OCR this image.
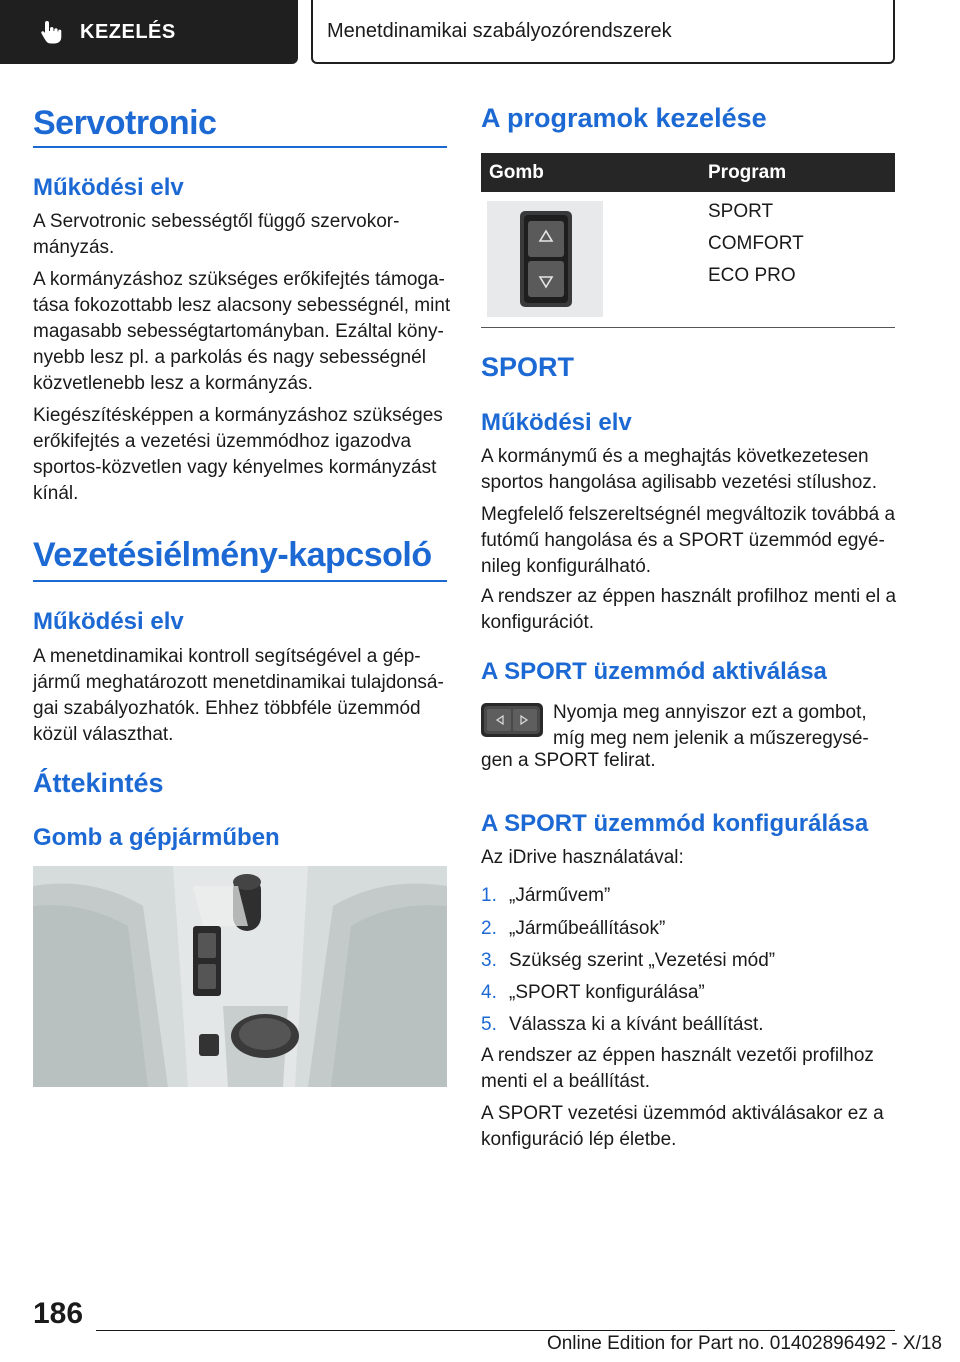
KEZELÉS	Menetdinamikai szabályozórendszerek
Servotronic
Működési elv
A Servotronic sebességtől függő szervokor-
mányzás.
A kormányzáshoz szükséges erőkifejtés támoga-
tása fokozottabb lesz alacsony sebességnél, mint
magasabb sebességtartományban. Ezáltal köny-
nyebb lesz pl. a parkolás és nagy sebességnél
közvetlenebb lesz a kormányzás.
Kiegészítésképpen a kormányzáshoz szükséges
erőkifejtés a vezetési üzemmódhoz igazodva
sportos-közvetlen vagy kényelmes kormányzást
kínál.
Vezetésiélmény-kapcsoló
Működési elv
A menetdinamikai kontroll segítségével a gép-
jármű meghatározott menetdinamikai tulajdonsá-
gai szabályozhatók. Ehhez többféle üzemmód
közül választhat.
Áttekintés
Gomb a gépjárműben
A programok kezelése
Gomb	Program
SPORT
COMFORT
ECO PRO
SPORT
Működési elv
A kormánymű és a meghajtás következetesen
sportos hangolása agilisabb vezetési stílushoz.
Megfelelő felszereltségnél megváltozik továbbá a
futómű hangolása és a SPORT üzemmód egyé-
nileg konfigurálható.
A rendszer az éppen használt profilhoz menti el a
konfigurációt.
A SPORT üzemmód aktiválása
Nyomja meg annyiszor ezt a gombot,
míg meg nem jelenik a műszeregysé-
gen a SPORT felirat.
A SPORT üzemmód konfigurálása
Az iDrive használatával:
1. „Járművem”
2. „Járműbeállítások”
3. Szükség szerint „Vezetési mód”
4. „SPORT konfigurálása”
5. Válassza ki a kívánt beállítást.
A rendszer az éppen használt vezetői profilhoz
menti el a beállítást.
A SPORT vezetési üzemmód aktiválásakor ez a
konfiguráció lép életbe.
186
Online Edition for Part no. 01402896492 - X/18
